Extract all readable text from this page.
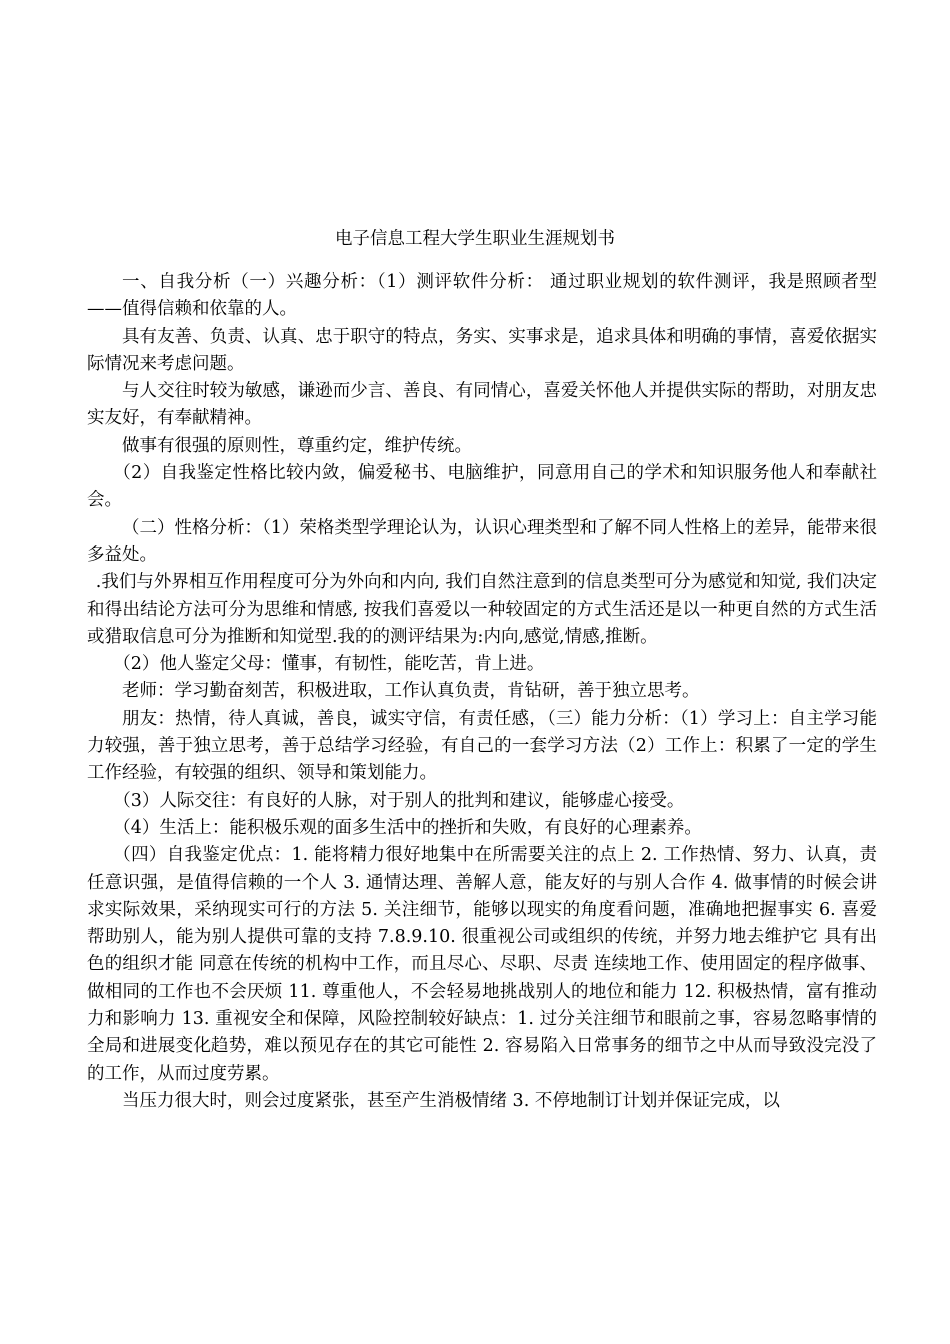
电子信息工程大学生职业生涯规划书

一、自我分析（一）兴趣分析：（1）测评软件分析： 通过职业规划的软件测评，我是照顾者型——值得信赖和依靠的人。

具有友善、负责、认真、忠于职守的特点，务实、实事求是，追求具体和明确的事情，喜爱依据实际情况来考虑问题。

与人交往时较为敏感，谦逊而少言、善良、有同情心，喜爱关怀他人并提供实际的帮助，对朋友忠实友好，有奉献精神。

做事有很强的原则性，尊重约定，维护传统。

（2）自我鉴定性格比较内敛，偏爱秘书、电脑维护，同意用自己的学术和知识服务他人和奉献社会。

（二）性格分析：（1）荣格类型学理论认为，认识心理类型和了解不同人性格上的差异，能带来很多益处。

.我们与外界相互作用程度可分为外向和内向, 我们自然注意到的信息类型可分为感觉和知觉, 我们决定和得出结论方法可分为思维和情感, 按我们喜爱以一种较固定的方式生活还是以一种更自然的方式生活或猎取信息可分为推断和知觉型.我的的测评结果为:内向,感觉,情感,推断。

（2）他人鉴定父母：懂事，有韧性，能吃苦，肯上进。

老师：学习勤奋刻苦，积极进取，工作认真负责，肯钻研，善于独立思考。

朋友：热情，待人真诚，善良，诚实守信，有责任感，（三）能力分析：（1）学习上：自主学习能力较强，善于独立思考，善于总结学习经验，有自己的一套学习方法（2）工作上：积累了一定的学生工作经验，有较强的组织、领导和策划能力。

（3）人际交往：有良好的人脉，对于别人的批判和建议，能够虚心接受。

（4）生活上：能积极乐观的面多生活中的挫折和失败，有良好的心理素养。

（四）自我鉴定优点：1. 能将精力很好地集中在所需要关注的点上 2. 工作热情、努力、认真，责任意识强，是值得信赖的一个人 3. 通情达理、善解人意，能友好的与别人合作 4. 做事情的时候会讲求实际效果，采纳现实可行的方法 5. 关注细节，能够以现实的角度看问题，准确地把握事实 6. 喜爱帮助别人，能为别人提供可靠的支持 7.8.9.10. 很重视公司或组织的传统，并努力地去维护它 具有出色的组织才能 同意在传统的机构中工作，而且尽心、尽职、尽责 连续地工作、使用固定的程序做事、做相同的工作也不会厌烦 11. 尊重他人，不会轻易地挑战别人的地位和能力 12. 积极热情，富有推动力和影响力 13. 重视安全和保障，风险控制较好缺点：1. 过分关注细节和眼前之事，容易忽略事情的全局和进展变化趋势，难以预见存在的其它可能性 2. 容易陷入日常事务的细节之中从而导致没完没了的工作，从而过度劳累。

当压力很大时，则会过度紧张，甚至产生消极情绪 3. 不停地制订计划并保证完成，以
